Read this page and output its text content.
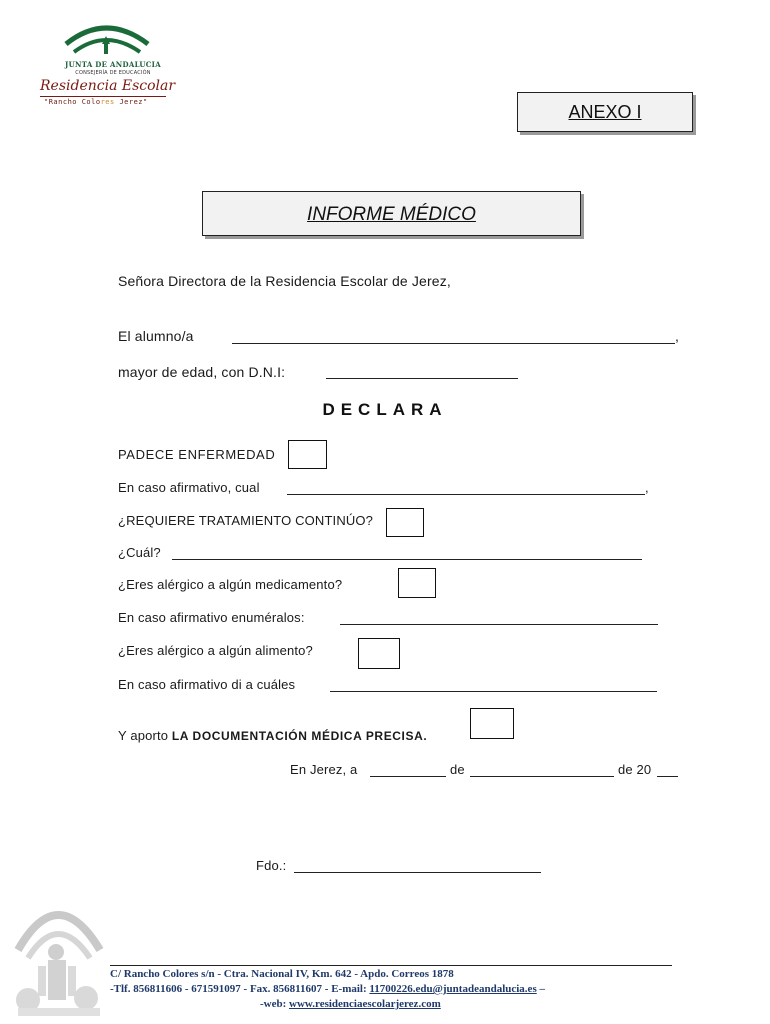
JUNTA DE ANDALUCIA
CONSEJERÍA DE EDUCACIÓN
Residencia Escolar
"Rancho Colores Jerez"	ANEXO I
INFORME MÉDICO
Señora Directora de la Residencia Escolar de Jerez,
El alumno/a	,
mayor de edad, con D.N.I:
DECLARA
PADECE ENFERMEDAD
En caso afirmativo, cual	,
¿REQUIERE TRATAMIENTO CONTINÚO?
¿Cuál?
¿Eres alérgico a algún medicamento?
En caso afirmativo enuméralos:
¿Eres alérgico a algún alimento?
En caso afirmativo di a cuáles
Y aporto LA DOCUMENTACIÓN MÉDICA PRECISA.
En Jerez, a	de	de 20
Fdo.:
C/ Rancho Colores s/n - Ctra. Nacional IV, Km. 642 - Apdo. Correos 1878
-Tlf. 856811606 - 671591097 - Fax. 856811607 - E-mail: 11700226.edu@juntadeandalucia.es –
-web: www.residenciaescolarjerez.com
